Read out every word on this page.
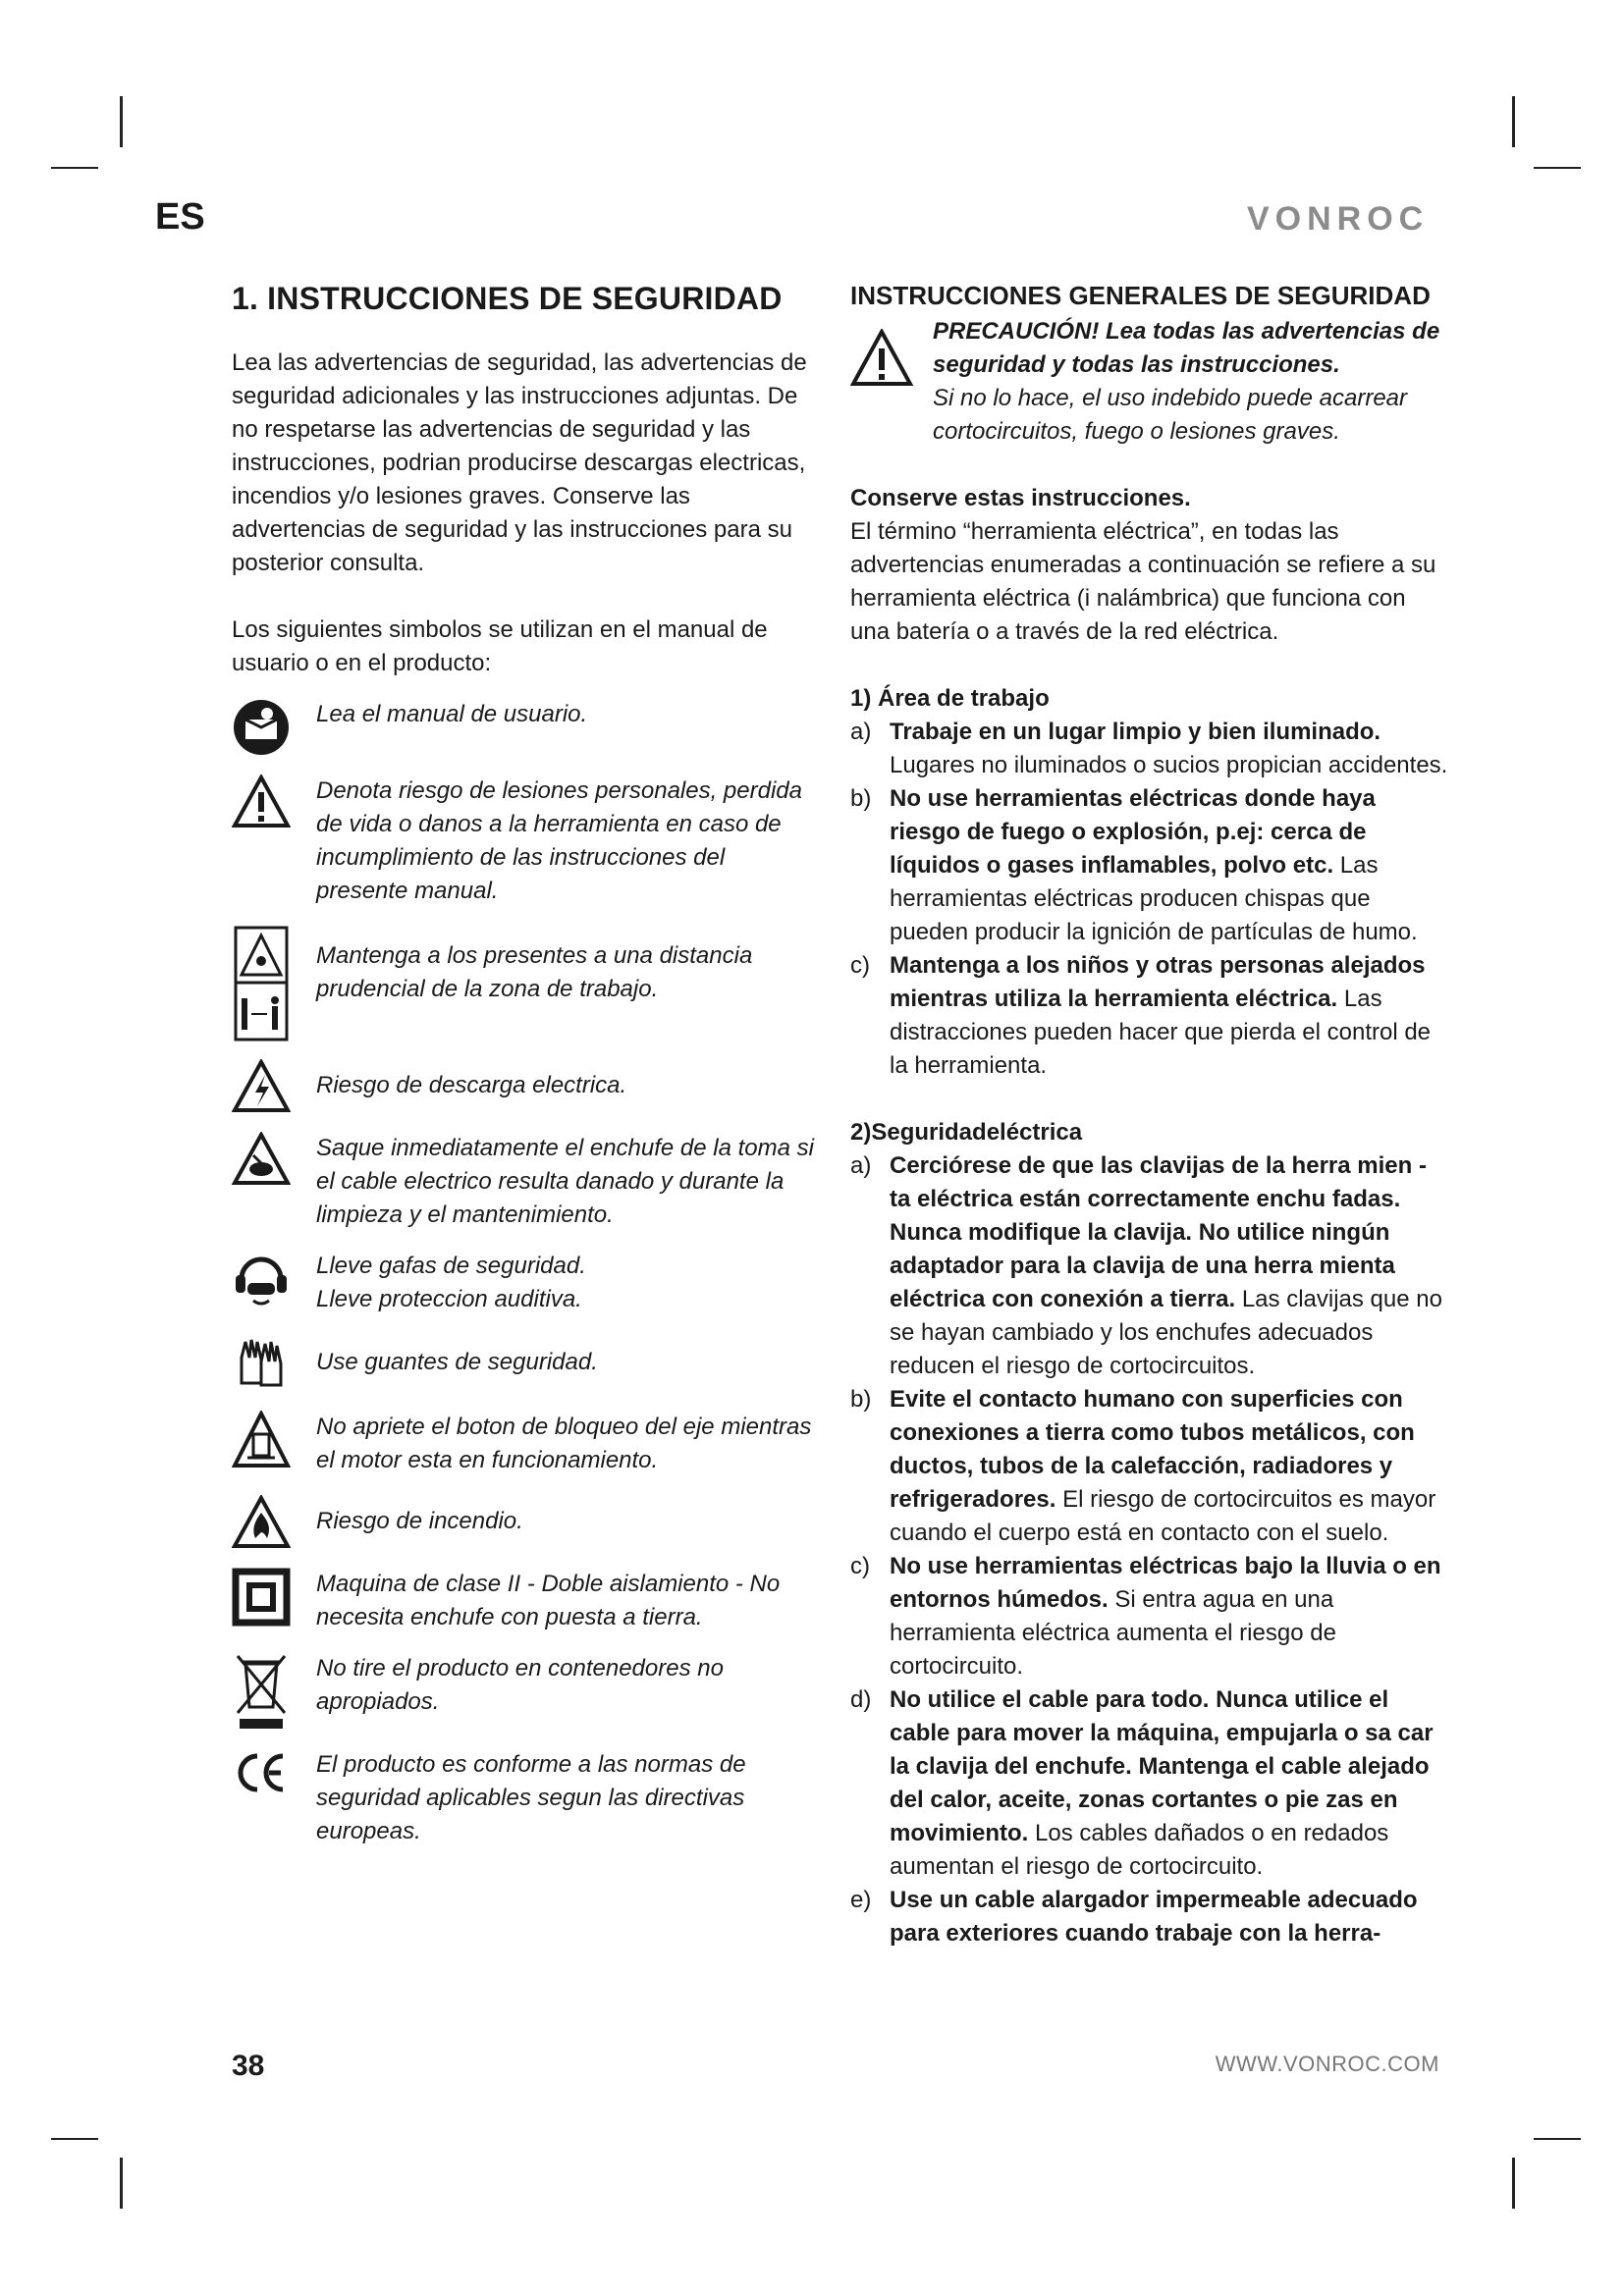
ES	VONROC
1. INSTRUCCIONES DE SEGURIDAD

Lea las advertencias de seguridad, las advertencias de seguridad adicionales y las instrucciones adjuntas. De no respetarse las advertencias de seguridad y las instrucciones, podrian producirse descargas electricas, incendios y/o lesiones graves. Conserve las advertencias de seguridad y las instrucciones para su posterior consulta.

Los siguientes simbolos se utilizan en el manual de usuario o en el producto:

Lea el manual de usuario.
Denota riesgo de lesiones personales, perdida de vida o danos a la herramienta en caso de incumplimiento de las instrucciones del presente manual.
Mantenga a los presentes a una distancia prudencial de la zona de trabajo.
Riesgo de descarga electrica.
Saque inmediatamente el enchufe de la toma si el cable electrico resulta danado y durante la limpieza y el mantenimiento.
Lleve gafas de seguridad.
Lleve proteccion auditiva.
Use guantes de seguridad.
No apriete el boton de bloqueo del eje mientras el motor esta en funcionamiento.
Riesgo de incendio.
Maquina de clase II - Doble aislamiento - No necesita enchufe con puesta a tierra.
No tire el producto en contenedores no apropiados.
El producto es conforme a las normas de seguridad aplicables segun las directivas europeas.
INSTRUCCIONES GENERALES DE SEGURIDAD
PRECAUCIÓN! Lea todas las advertencias de seguridad y todas las instrucciones.
Si no lo hace, el uso indebido puede acarrear cortocircuitos, fuego o lesiones graves.
Conserve estas instrucciones.

El término “herramienta eléctrica”, en todas las advertencias enumeradas a continuación se refiere a su herramienta eléctrica (i nalámbrica) que funciona con una batería o a través de la red eléctrica.

1) Área de trabajo
a) Trabaje en un lugar limpio y bien iluminado. Lugares no iluminados o sucios propician accidentes.
b) No use herramientas eléctricas donde haya riesgo de fuego o explosión, p.ej: cerca de líquidos o gases inflamables, polvo etc. Las herramientas eléctricas producen chispas que pueden producir la ignición de partículas de humo.
c) Mantenga a los niños y otras personas alejados mientras utiliza la herramienta eléctrica. Las distracciones pueden hacer que pierda el control de la herramienta.
2)Seguridadeléctrica
a) Cerciórese de que las clavijas de la herra mien - ta eléctrica están correctamente enchu fadas. Nunca modifique la clavija. No utilice ningún adaptador para la clavija de una herra mienta eléctrica con conexión a tierra. Las clavijas que no se hayan cambiado y los enchufes adecuados reducen el riesgo de cortocircuitos.
b) Evite el contacto humano con superficies con conexiones a tierra como tubos metálicos, con ductos, tubos de la calefacción, radiadores y refrigeradores. El riesgo de cortocircuitos es mayor cuando el cuerpo está en contacto con el suelo.
c) No use herramientas eléctricas bajo la lluvia o en entornos húmedos. Si entra agua en una herramienta eléctrica aumenta el riesgo de cortocircuito.
d) No utilice el cable para todo. Nunca utilice el cable para mover la máquina, empujarla o sa car la clavija del enchufe. Mantenga el cable alejado del calor, aceite, zonas cortantes o pie zas en movimiento. Los cables dañados o en redados aumentan el riesgo de cortocircuito.
e) Use un cable alargador impermeable adecuado para exteriores cuando trabaje con la herra-
38	WWW.VONROC.COM
